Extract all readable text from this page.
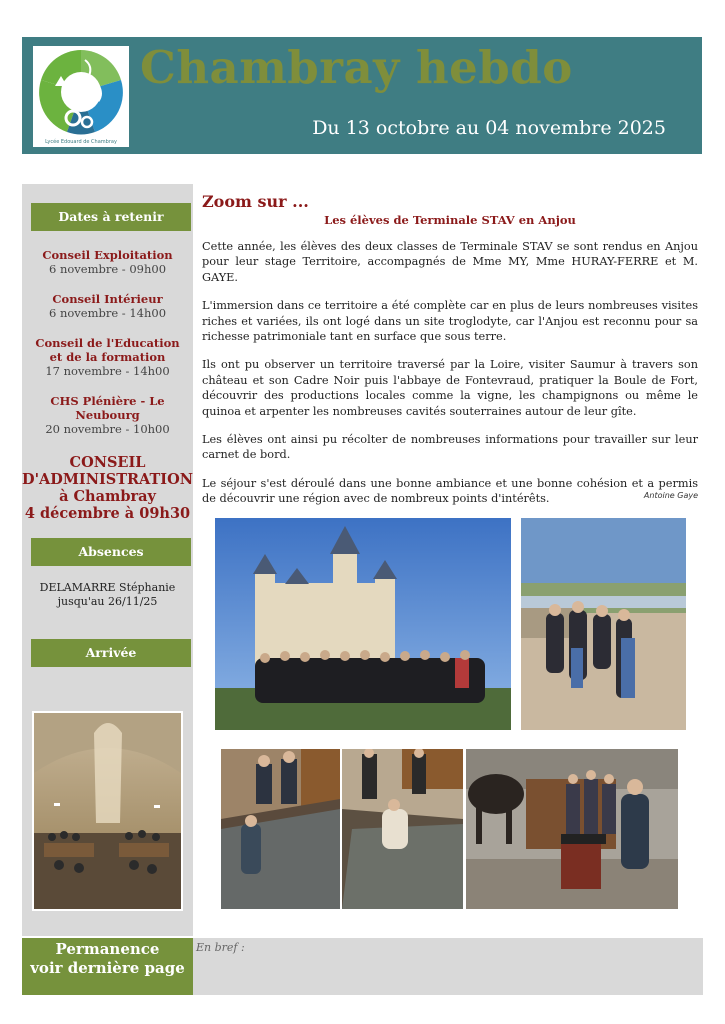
Lycée Edouard de Chambray
Chambray hebdo
Du 13 octobre au 04 novembre 2025
Dates à retenir
Conseil Exploitation
6 novembre - 09h00
Conseil Intérieur
6 novembre - 14h00
Conseil de l'Education et de la formation
17 novembre - 14h00
CHS Plénière - Le Neubourg
20 novembre - 10h00
CONSEIL
D'ADMINISTRATION
à Chambray
4 décembre à 09h30
Absences
DELAMARRE Stéphanie
jusqu'au 26/11/25
Arrivée
Permanence
voir dernière page
En bref :
Zoom sur ...
Les élèves de Terminale STAV en Anjou

Cette année, les élèves des deux classes de Terminale STAV se sont rendus en Anjou pour leur stage Territoire, accompagnés de Mme MY, Mme HURAY-FERRE et M. GAYE.

L'immersion dans ce territoire a été complète car en plus de leurs nombreuses visites riches et variées, ils ont logé dans un site troglodyte, car l'Anjou est reconnu pour sa richesse patrimoniale tant en surface que sous terre.

Ils ont pu observer un territoire traversé par la Loire, visiter Saumur à travers son château et son Cadre Noir puis l'abbaye de Fontevraud, pratiquer la Boule de Fort, découvrir des productions locales comme la vigne, les champignons ou même le quinoa et arpenter les nombreuses cavités souterraines autour de leur gîte.

Les élèves ont ainsi pu récolter de nombreuses informations pour travailler sur leur carnet de bord.

Le séjour s'est déroulé dans une bonne ambiance et une bonne cohésion et a permis de découvrir une région avec de nombreux points d'intérêts.	Antoine Gaye
